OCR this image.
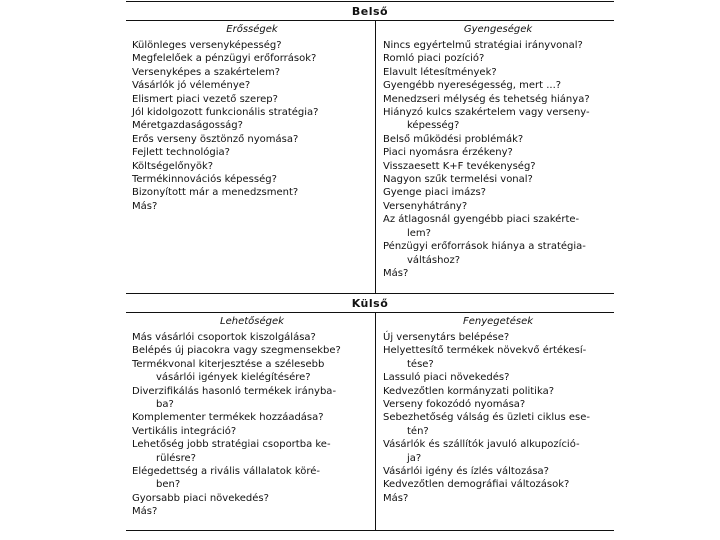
Belső
Külső
Erősségek	Gyengeségek
Lehetőségek	Fenyegetések
Különleges versenyképesség?
Megfelelőek a pénzügyi erőforrások?
Versenyképes a szakértelem?
Vásárlók jó véleménye?
Elismert piaci vezető szerep?
Jól kidolgozott funkcionális stratégia?
Méretgazdaságosság?
Erős verseny ösztönző nyomása?
Fejlett technológia?
Költségelőnyök?
Termékinnovációs képesség?
Bizonyított már a menedzsment?
Más?
Nincs egyértelmű stratégiai irányvonal?
Romló piaci pozíció?
Elavult létesítmények?
Gyengébb nyereségesség, mert ...?
Menedzseri mélység és tehetség hiánya?
Hiányzó kulcs szakértelem vagy verseny-
képesség?
Belső működési problémák?
Piaci nyomásra érzékeny?
Visszaesett K+F tevékenység?
Nagyon szűk termelési vonal?
Gyenge piaci imázs?
Versenyhátrány?
Az átlagosnál gyengébb piaci szakérte-
lem?
Pénzügyi erőforrások hiánya a stratégia-
váltáshoz?
Más?
Más vásárlói csoportok kiszolgálása?
Belépés új piacokra vagy szegmensekbe?
Termékvonal kiterjesztése a szélesebb
vásárlói igények kielégítésére?
Diverzifikálás hasonló termékek iránybа-
ba?
Komplementer termékek hozzáadása?
Vertikális integráció?
Lehetőség jobb stratégiai csoportba ke-
rülésre?
Elégedettség a rivális vállalatok köré-
ben?
Gyorsabb piaci növekedés?
Más?
Új versenytárs belépése?
Helyettesítő termékek növekvő értékesí-
tése?
Lassuló piaci növekedés?
Kedvezőtlen kormányzati politika?
Verseny fokozódó nyomása?
Sebezhetőség válság és üzleti ciklus ese-
tén?
Vásárlók és szállítók javuló alkupozíció-
ja?
Vásárlói igény és ízlés változása?
Kedvezőtlen demográfiai változások?
Más?
